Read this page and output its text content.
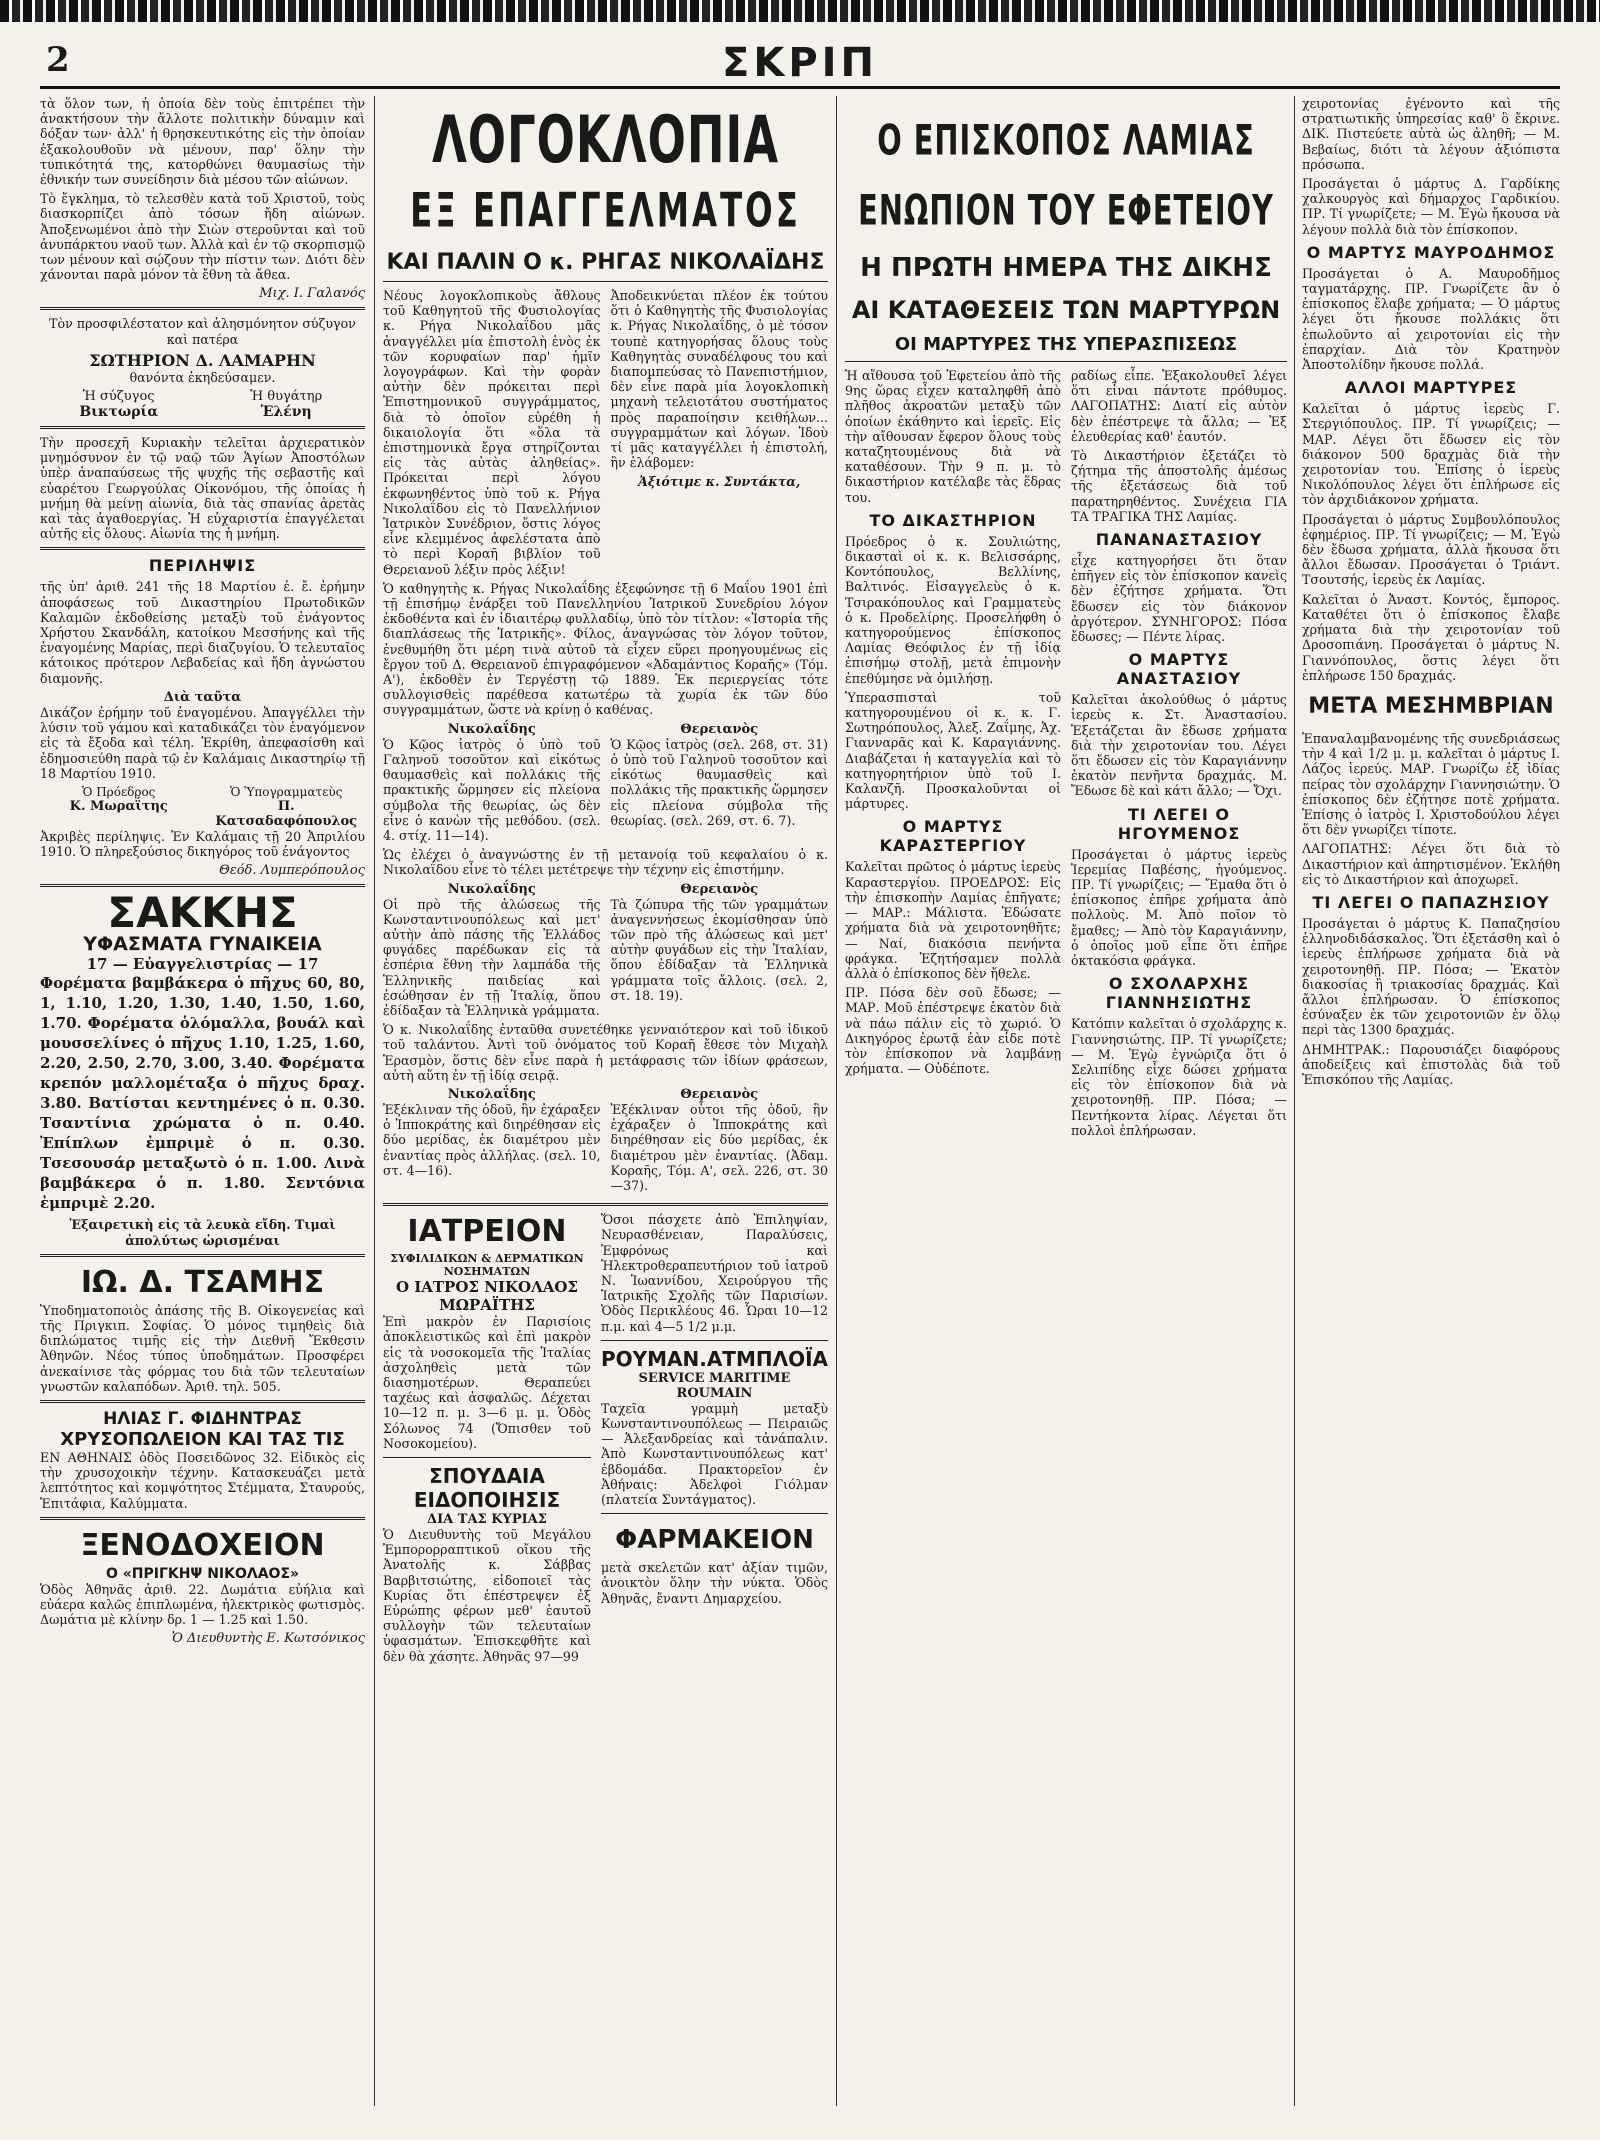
2	ΣΚΡΙΠ

τὰ ὅλον των, ἡ ὁποία δὲν τοὺς ἐπιτρέπει τὴν ἀνακτήσουν τὴν ἄλλοτε πολιτικὴν δύναμιν καὶ δόξαν των· ἀλλ' ἡ θρησκευτικότης εἰς τὴν ὁποίαν ἐξακολουθοῦν νὰ μένουν, παρ' ὅλην τὴν τυπικότητά της, κατορθώνει θαυμασίως τὴν ἐθνικήν των συνείδησιν διὰ μέσου τῶν αἰώνων.

Τὸ ἔγκλημα, τὸ τελεσθὲν κατὰ τοῦ Χριστοῦ, τοὺς διασκορπίζει ἀπὸ τόσων ἤδη αἰώνων. Ἀποξενωμένοι ἀπὸ τὴν Σιὼν στεροῦνται καὶ τοῦ ἀνυπάρκτου ναοῦ των. Ἀλλὰ καὶ ἐν τῷ σκορπισμῷ των μένουν καὶ σῴζουν τὴν πίστιν των. Διότι δὲν χάνονται παρὰ μόνον τὰ ἔθνη τὰ ἄθεα.

Μιχ. Ι. Γαλανός

Τὸν προσφιλέστατον καὶ ἀλησμόνητον σύζυγον καὶ πατέρα

ΣΩΤΗΡΙΟΝ Δ. ΛΑΜΑΡΗΝ

θανόντα ἐκηδεύσαμεν.

Ἡ σύζυγος
Βικτωρία
Ἡ θυγάτηρ
Ἑλένη

Τὴν προσεχῆ Κυριακὴν τελεῖται ἀρχιερατικὸν μνημόσυνον ἐν τῷ ναῷ τῶν Ἁγίων Ἀποστόλων ὑπὲρ ἀναπαύσεως τῆς ψυχῆς τῆς σεβαστῆς καὶ εὐαρέτου Γεωργούλας Οἰκονόμου, τῆς ὁποίας ἡ μνήμη θὰ μείνῃ αἰωνία, διὰ τὰς σπανίας ἀρετὰς καὶ τὰς ἀγαθοεργίας. Ἡ εὐχαριστία ἐπαγγέλεται αὐτῆς εἰς ὅλους. Αἰωνία της ἡ μνήμη.

ΠΕΡΙΛΗΨΙΣ

τῆς ὑπ' ἀριθ. 241 τῆς 18 Μαρτίου ἐ. ἔ. ἐρήμην ἀποφάσεως τοῦ Δικαστηρίου Πρωτοδικῶν Καλαμῶν ἐκδοθείσης μεταξὺ τοῦ ἐνάγοντος Χρήστου Σκανδάλη, κατοίκου Μεσσήνης καὶ τῆς ἐναγομένης Μαρίας, περὶ διαζυγίου. Ὁ τελευταῖος κάτοικος πρότερον Λεβαδείας καὶ ἤδη ἀγνώστου διαμονῆς.

Διὰ ταῦτα

Δικάζον ἐρήμην τοῦ ἐναγομένου. Ἀπαγγέλλει τὴν λύσιν τοῦ γάμου καὶ καταδικάζει τὸν ἐναγόμενον εἰς τὰ ἔξοδα καὶ τέλη. Ἐκρίθη, ἀπεφασίσθη καὶ ἐδημοσιεύθη παρὰ τῷ ἐν Καλάμαις Δικαστηρίῳ τῇ 18 Μαρτίου 1910.

Ὁ Πρόεδρος
Κ. Μωραΐτης
Ὁ Ὑπογραμματεὺς
Π. Κατσαδαφόπουλος

Ἀκριβὲς περίληψις. Ἐν Καλάμαις τῇ 20 Ἀπριλίου 1910. Ὁ πληρεξούσιος δικηγόρος τοῦ ἐνάγοντος

Θεόδ. Λυμπερόπουλος
ΣΑΚΚΗΣ
ΥΦΑΣΜΑΤΑ ΓΥΝΑΙΚΕΙΑ
17 — Εὐαγγελιστρίας — 17

Φορέματα βαμβάκερα ὁ πῆχυς 60, 80, 1, 1.10, 1.20, 1.30, 1.40, 1.50, 1.60, 1.70. Φορέματα ὁλόμαλλα, βουάλ καὶ μουσσελίνες ὁ πῆχυς 1.10, 1.25, 1.60, 2.20, 2.50, 2.70, 3.00, 3.40. Φορέματα κρεπόν μαλλομέταξα ὁ πῆχυς δραχ. 3.80. Βατίσται κεντημένες ὁ π. 0.30. Τσαντίνια χρώματα ὁ π. 0.40. Ἐπίπλων ἐμπριμὲ ὁ π. 0.30. Τσεσουσάρ μεταξωτὸ ὁ π. 1.00. Λινὰ βαμβάκερα ὁ π. 1.80. Σεντόνια ἐμπριμὲ 2.20.

Ἐξαιρετικὴ εἰς τὰ λευκὰ εἴδη. Τιμαὶ ἀπολύτως ὡρισμέναι

ΙΩ. Δ. ΤΣΑΜΗΣ

Ὑποδηματοποιὸς ἀπάσης τῆς Β. Οἰκογενείας καὶ τῆς Πριγκιπ. Σοφίας. Ὁ μόνος τιμηθεὶς διὰ διπλώματος τιμῆς εἰς τὴν Διεθνῆ Ἔκθεσιν Ἀθηνῶν. Νέος τύπος ὑποδημάτων. Προσφέρει ἀνεκαίνισε τὰς φόρμας του διὰ τῶν τελευταίων γνωστῶν καλαπόδων. Ἀριθ. τηλ. 505.

ΗΛΙΑΣ Γ. ΦΙΔΗΝΤΡΑΣ
ΧΡΥΣΟΠΩΛΕΙΟΝ ΚΑΙ ΤΑΣ ΤΙΣ

ΕΝ ΑΘΗΝΑΙΣ ὁδὸς Ποσειδῶνος 32. Εἰδικὸς εἰς τὴν χρυσοχοικὴν τέχνην. Κατασκευάζει μετὰ λεπτότητος καὶ κομψότητος Στέμματα, Σταυρούς, Ἐπιτάφια, Καλύμματα.

ΞΕΝΟΔΟΧΕΙΟΝ
Ο «ΠΡΙΓΚΗΨ ΝΙΚΟΛΑΟΣ»

Ὁδὸς Ἀθηνᾶς ἀριθ. 22. Δωμάτια εὐήλια καὶ εὐάερα καλῶς ἐπιπλωμένα, ἠλεκτρικὸς φωτισμὸς. Δωμάτια μὲ κλίνην δρ. 1 — 1.25 καὶ 1.50.

Ὁ Διευθυντὴς Ε. Κωτσόνικος
ΛΟΓΟΚΛΟΠΙΑ
ΕΞ ΕΠΑΓΓΕΛΜΑΤΟΣ
ΚΑΙ ΠΑΛΙΝ Ο κ. ΡΗΓΑΣ ΝΙΚΟΛΑΪΔΗΣ

Νέους λογοκλοπικοὺς ἄθλους τοῦ Καθηγητοῦ τῆς Φυσιολογίας κ. Ρήγα Νικολαΐδου μᾶς ἀναγγέλλει μία ἐπιστολὴ ἑνὸς ἐκ τῶν κορυφαίων παρ' ἡμῖν λογογράφων. Καὶ τὴν φορὰν αὐτὴν δὲν πρόκειται περὶ Ἐπιστημονικοῦ συγγράμματος, διὰ τὸ ὁποῖον εὑρέθη ἡ δικαιολογία ὅτι «ὅλα τὰ ἐπιστημονικὰ ἔργα στηρίζονται εἰς τὰς αὐτὰς ἀληθείας». Πρόκειται περὶ λόγου ἐκφωνηθέντος ὑπὸ τοῦ κ. Ρήγα Νικολαΐδου εἰς τὸ Πανελλήνιον Ἰατρικὸν Συνέδριον, ὅστις λόγος εἶνε κλεμμένος ἀφελέστατα ἀπὸ τὸ περὶ Κοραῆ βιβλίον τοῦ Θερειανοῦ λέξιν πρὸς λέξιν!

Ἀποδεικνύεται πλέον ἐκ τούτου ὅτι ὁ Καθηγητὴς τῆς Φυσιολογίας κ. Ρήγας Νικολαΐδης, ὁ μὲ τόσον τουπὲ κατηγορήσας ὅλους τοὺς Καθηγητὰς συναδέλφους του καὶ διαπομπεύσας τὸ Πανεπιστήμιον, δὲν εἶνε παρὰ μία λογοκλοπικὴ μηχανὴ τελειοτάτου συστήματος πρὸς παραποίησιν κειθήλων... συγγραμμάτων καὶ λόγων. Ἰδοὺ τί μᾶς καταγγέλλει ἡ ἐπιστολή, ἢν ἐλάβομεν:

Ἀξιότιμε κ. Συντάκτα,

Ὁ καθηγητὴς κ. Ρήγας Νικολαΐδης ἐξεφώνησε τῇ 6 Μαΐου 1901 ἐπὶ τῇ ἐπισήμῳ ἐνάρξει τοῦ Πανελληνίου Ἰατρικοῦ Συνεδρίου λόγον ἐκδοθέντα καὶ ἐν ἰδιαιτέρῳ φυλλαδίῳ, ὑπὸ τὸν τίτλον: «Ἱστορία τῆς διαπλάσεως τῆς Ἰατρικῆς». Φίλος, ἀναγνώσας τὸν λόγον τοῦτον, ἐνεθυμήθη ὅτι μέρη τινὰ αὐτοῦ τὰ εἶχεν εὕρει προηγουμένως εἰς ἔργον τοῦ Δ. Θερειανοῦ ἐπιγραφόμενον «Ἀδαμάντιος Κοραῆς» (Τόμ. Α'), ἐκδοθὲν ἐν Τεργέστῃ τῷ 1889. Ἐκ περιεργείας τότε συλλογισθεὶς παρέθεσα κατωτέρω τὰ χωρία ἐκ τῶν δύο συγγραμμάτων, ὥστε νὰ κρίνῃ ὁ καθένας.

Νικολαΐδης

Ὁ Κῷος ἰατρὸς ὁ ὑπὸ τοῦ Γαληνοῦ τοσοῦτον καὶ εἰκότως θαυμασθεὶς καὶ πολλάκις τῆς πρακτικῆς ὥρμησεν εἰς πλείονα σύμβολα τῆς θεωρίας, ὡς δὲν εἶνε ὁ κανὼν τῆς μεθόδου. (σελ. 4. στίχ. 11—14).

Θερειανὸς

Ὁ Κῷος ἰατρὸς (σελ. 268, στ. 31) ὁ ὑπὸ τοῦ Γαληνοῦ τοσοῦτον καὶ εἰκότως θαυμασθεὶς καὶ πολλάκις τῆς πρακτικῆς ὥρμησεν εἰς πλείονα σύμβολα τῆς θεωρίας. (σελ. 269, στ. 6. 7).

Ὡς ἐλέχει ὁ ἀναγνώστης ἐν τῇ μετανοίᾳ τοῦ κεφαλαίου ὁ κ. Νικολαΐδου εἶνε τὸ τέλει μετέτρεψε τὴν τέχνην εἰς ἐπιστήμην.

Νικολαΐδης

Οἱ πρὸ τῆς ἁλώσεως τῆς Κωνσταντινουπόλεως καὶ μετ' αὐτὴν ἀπὸ πάσης τῆς Ἑλλάδος φυγάδες παρέδωκαν εἰς τὰ ἑσπέρια ἔθνη τὴν λαμπάδα τῆς Ἑλληνικῆς παιδείας καὶ ἐσώθησαν ἐν τῇ Ἰταλίᾳ, ὅπου ἐδίδαξαν τὰ Ἑλληνικὰ γράμματα.

Θερειανὸς

Τὰ ζώπυρα τῆς τῶν γραμμάτων ἀναγεννήσεως ἐκομίσθησαν ὑπὸ τῶν πρὸ τῆς ἁλώσεως καὶ μετ' αὐτὴν φυγάδων εἰς τὴν Ἰταλίαν, ὅπου ἐδίδαξαν τὰ Ἑλληνικὰ γράμματα τοῖς ἄλλοις. (σελ. 2, στ. 18. 19).

Ὁ κ. Νικολαΐδης ἐνταῦθα συνετέθηκε γενναιότερον καὶ τοῦ ἰδικοῦ τοῦ ταλάντου. Ἀντὶ τοῦ ὀνόματος τοῦ Κοραῆ ἔθεσε τὸν Μιχαὴλ Ἑρασμὸν, ὅστις δὲν εἶνε παρὰ ἡ μετάφρασις τῶν ἰδίων φράσεων, αὐτὴ αὕτη ἐν τῇ ἰδίᾳ σειρᾷ.

Νικολαΐδης

Ἐξέκλιναν τῆς ὁδοῦ, ἣν ἐχάραξεν ὁ Ἱπποκράτης καὶ διηρέθησαν εἰς δύο μερίδας, ἐκ διαμέτρου μὲν ἐναντίας πρὸς ἀλλήλας. (σελ. 10, στ. 4—16).

Θερειανὸς

Ἐξέκλιναν οὗτοι τῆς ὁδοῦ, ἣν ἐχάραξεν ὁ Ἱπποκράτης καὶ διηρέθησαν εἰς δύο μερίδας, ἐκ διαμέτρου μὲν ἐναντίας. (Ἀδαμ. Κοραῆς, Τόμ. Α', σελ. 226, στ. 30—37).

ΙΑΤΡΕΙΟΝ
ΣΥΦΙΛΙΔΙΚΩΝ & ΔΕΡΜΑΤΙΚΩΝ ΝΟΣΗΜΑΤΩΝ
Ο ΙΑΤΡΟΣ ΝΙΚΟΛΑΟΣ ΜΩΡΑΪΤΗΣ

Ἐπὶ μακρὸν ἐν Παρισίοις ἀποκλειστικῶς καὶ ἐπὶ μακρὸν εἰς τὰ νοσοκομεῖα τῆς Ἰταλίας ἀσχοληθεὶς μετὰ τῶν διασημοτέρων. Θεραπεύει ταχέως καὶ ἀσφαλῶς. Δέχεται 10—12 π. μ. 3—6 μ. μ. Ὁδὸς Σόλωνος 74 (Ὄπισθεν τοῦ Νοσοκομείου).

ΣΠΟΥΔΑΙΑ ΕΙΔΟΠΟΙΗΣΙΣ
ΔΙΑ ΤΑΣ ΚΥΡΙΑΣ

Ὁ Διευθυντὴς τοῦ Μεγάλου Ἐμπορορραπτικοῦ οἴκου τῆς Ἀνατολῆς κ. Σάββας Βαρβιτσιώτης, εἰδοποιεῖ τὰς Κυρίας ὅτι ἐπέστρεψεν ἐξ Εὐρώπης φέρων μεθ' ἑαυτοῦ συλλογὴν τῶν τελευταίων ὑφασμάτων. Ἐπισκεφθῆτε καὶ δὲν θὰ χάσητε. Ἀθηνᾶς 97—99

Ὅσοι πάσχετε ἀπὸ Ἐπιληψίαν, Νευρασθένειαν, Παραλύσεις, Ἐμφρόνως καὶ Ἠλεκτροθεραπευτήριον τοῦ ἰατροῦ Ν. Ἰωαννίδου, Χειρούργου τῆς Ἰατρικῆς Σχολῆς τῶν Παρισίων. Ὁδὸς Περικλέους 46. Ὧραι 10—12 π.μ. καὶ 4—5 1/2 μ.μ.

ΡΟΥΜΑΝ.ΑΤΜΠΛΟΪΑ
SERVICE MARITIME ROUMAIN

Ταχεῖα γραμμὴ μεταξὺ Κωνσταντινουπόλεως — Πειραιῶς — Ἀλεξανδρείας καὶ τἀνάπαλιν. Ἀπὸ Κωνσταντινουπόλεως κατ' ἑβδομάδα. Πρακτορεῖον ἐν Ἀθήναις: Ἀδελφοὶ Γιόλμαν (πλατεία Συντάγματος).

ΦΑΡΜΑΚΕΙΟΝ

μετὰ σκελετῶν κατ' ἀξίαν τιμῶν, ἀνοικτὸν ὅλην τὴν νύκτα. Ὁδὸς Ἀθηνᾶς, ἔναντι Δημαρχείου.

Ο ΕΠΙΣΚΟΠΟΣ ΛΑΜΙΑΣ
ΕΝΩΠΙΟΝ ΤΟΥ ΕΦΕΤΕΙΟΥ
Η ΠΡΩΤΗ ΗΜΕΡΑ ΤΗΣ ΔΙΚΗΣ
ΑΙ ΚΑΤΑΘΕΣΕΙΣ ΤΩΝ ΜΑΡΤΥΡΩΝ
ΟΙ ΜΑΡΤΥΡΕΣ ΤΗΣ ΥΠΕΡΑΣΠΙΣΕΩΣ

Ἡ αἴθουσα τοῦ Ἐφετείου ἀπὸ τῆς 9ης ὥρας εἶχεν καταληφθῆ ἀπὸ πλῆθος ἀκροατῶν μεταξὺ τῶν ὁποίων ἐκάθηντο καὶ ἱερεῖς. Εἰς τὴν αἴθουσαν ἔφερον ὅλους τοὺς καταζητουμένους διὰ νὰ καταθέσουν. Τὴν 9 π. μ. τὸ δικαστήριον κατέλαβε τὰς ἕδρας του.

ΤΟ ΔΙΚΑΣΤΗΡΙΟΝ

Πρόεδρος ὁ κ. Σουλιώτης, δικασταὶ οἱ κ. κ. Βελισσάρης, Κοντόπουλος, Βελλίνης, Βαλτινός. Εἰσαγγελεὺς ὁ κ. Τσιρακόπουλος καὶ Γραμματεὺς ὁ κ. Προδελίρης. Προσελήφθη ὁ κατηγορούμενος ἐπίσκοπος Λαμίας Θεόφιλος ἐν τῇ ἰδίᾳ ἐπισήμῳ στολῇ, μετὰ ἐπιμονὴν ἐπεθύμησε νὰ ὁμιλήσῃ.

Ὑπερασπισταὶ τοῦ κατηγορουμένου οἱ κ. κ. Γ. Σωτηρόπουλος, Ἀλεξ. Ζαΐμης, Ἀχ. Γιανναρᾶς καὶ Κ. Καραγιάννης. Διαβάζεται ἡ καταγγελία καὶ τὸ κατηγορητήριον ὑπὸ τοῦ Ι. Καλανζῆ. Προσκαλοῦνται οἱ μάρτυρες.

Ο ΜΑΡΤΥΣ ΚΑΡΑΣΤΕΡΓΙΟΥ

Καλεῖται πρῶτος ὁ μάρτυς ἱερεὺς Καραστεργίου. ΠΡΟΕΔΡΟΣ: Εἰς τὴν ἐπισκοπὴν Λαμίας ἐπῆγατε; — ΜΑΡ.: Μάλιστα. Ἐδώσατε χρήματα διὰ νὰ χειροτονηθῆτε; — Ναί, διακόσια πενήντα φράγκα. Ἐζητήσαμεν πολλὰ ἀλλὰ ὁ ἐπίσκοπος δὲν ἤθελε.

ΠΡ. Πόσα δὲν σοῦ ἔδωσε; — ΜΑΡ. Μοῦ ἐπέστρεψε ἑκατὸν διὰ νὰ πάω πάλιν εἰς τὸ χωριό. Ὁ Δικηγόρος ἐρωτᾷ ἐὰν εἶδε ποτὲ τὸν ἐπίσκοπον νὰ λαμβάνῃ χρήματα. — Οὐδέποτε.

ραδίως εἶπε. Ἐξακολουθεῖ λέγει ὅτι εἶναι πάντοτε πρόθυμος. ΛΑΓΟΠΑΤΗΣ: Διατί εἰς αὐτὸν δὲν ἐπέστρεψε τὰ ἄλλα; — Ἐξ ἐλευθερίας καθ' ἑαυτόν.

Τὸ Δικαστήριον ἐξετάζει τὸ ζήτημα τῆς ἀποστολῆς ἀμέσως τῆς ἐξετάσεως διὰ τοῦ παρατηρηθέντος. Συνέχεια ΓΙΑ ΤΑ ΤΡΑΓΙΚΑ ΤΗΣ Λαμίας.

ΠΑΝΑΝΑΣΤΑΣΙΟΥ

εἶχε κατηγορήσει ὅτι ὅταν ἐπῆγεν εἰς τὸν ἐπίσκοπον κανεὶς δὲν ἐζήτησε χρήματα. Ὅτι ἔδωσεν εἰς τὸν διάκονον ἀργότερον. ΣΥΝΗΓΟΡΟΣ: Πόσα ἔδωσες; — Πέντε λίρας.

Ο ΜΑΡΤΥΣ ΑΝΑΣΤΑΣΙΟΥ

Καλεῖται ἀκολούθως ὁ μάρτυς ἱερεὺς κ. Στ. Ἀναστασίου. Ἐξετάζεται ἂν ἔδωσε χρήματα διὰ τὴν χειροτονίαν του. Λέγει ὅτι ἔδωσεν εἰς τὸν Καραγιάννην ἑκατὸν πενῆντα δραχμάς. Μ. Ἔδωσε δὲ καὶ κάτι ἄλλο; — Ὄχι.

ΤΙ ΛΕΓΕΙ Ο ΗΓΟΥΜΕΝΟΣ

Προσάγεται ὁ μάρτυς ἱερεὺς Ἱερεμίας Παβέσης, ἡγούμενος. ΠΡ. Τί γνωρίζεις; — Ἔμαθα ὅτι ὁ ἐπίσκοπος ἐπῆρε χρήματα ἀπὸ πολλοὺς. Μ. Ἀπὸ ποῖον τὸ ἔμαθες; — Ἀπὸ τὸν Καραγιάννην, ὁ ὁποῖος μοῦ εἶπε ὅτι ἐπῆρε ὀκτακόσια φράγκα.

Ο ΣΧΟΛΑΡΧΗΣ ΓΙΑΝΝΗΣΙΩΤΗΣ

Κατόπιν καλεῖται ὁ σχολάρχης κ. Γιαννησιώτης. ΠΡ. Τί γνωρίζετε; — Μ. Ἐγὼ ἐγνώριζα ὅτι ὁ Σελιπίδης εἶχε δώσει χρήματα εἰς τὸν ἐπίσκοπον διὰ νὰ χειροτονηθῇ. ΠΡ. Πόσα; — Πεντήκοντα λίρας. Λέγεται ὅτι πολλοὶ ἐπλήρωσαν.

χειροτονίας ἐγένοντο καὶ τῆς στρατιωτικῆς ὑπηρεσίας καθ' ὃ ἔκρινε. ΔΙΚ. Πιστεύετε αὐτὰ ὡς ἀληθῆ; — Μ. Βεβαίως, διότι τὰ λέγουν ἀξιόπιστα πρόσωπα.

Προσάγεται ὁ μάρτυς Δ. Γαρδίκης χαλκουργὸς καὶ δήμαρχος Γαρδικίου. ΠΡ. Τί γνωρίζετε; — Μ. Ἐγὼ ἤκουσα νὰ λέγουν πολλὰ διὰ τὸν ἐπίσκοπον.

Ο ΜΑΡΤΥΣ ΜΑΥΡΟΔΗΜΟΣ

Προσάγεται ὁ Α. Μαυροδῆμος ταγματάρχης. ΠΡ. Γνωρίζετε ἂν ὁ ἐπίσκοπος ἔλαβε χρήματα; — Ὁ μάρτυς λέγει ὅτι ἤκουσε πολλάκις ὅτι ἐπωλοῦντο αἱ χειροτονίαι εἰς τὴν ἐπαρχίαν. Διὰ τὸν Κρατηνὸν Ἀποστολίδην ἤκουσε πολλά.

ΑΛΛΟΙ ΜΑΡΤΥΡΕΣ

Καλεῖται ὁ μάρτυς ἱερεὺς Γ. Στεργιόπουλος. ΠΡ. Τί γνωρίζεις; — ΜΑΡ. Λέγει ὅτι ἔδωσεν εἰς τὸν διάκονον 500 δραχμὰς διὰ τὴν χειροτονίαν του. Ἐπίσης ὁ ἱερεὺς Νικολόπουλος λέγει ὅτι ἐπλήρωσε εἰς τὸν ἀρχιδιάκονον χρήματα.

Προσάγεται ὁ μάρτυς Συμβουλόπουλος ἐφημέριος. ΠΡ. Τί γνωρίζεις; — Μ. Ἐγὼ δὲν ἔδωσα χρήματα, ἀλλὰ ἤκουσα ὅτι ἄλλοι ἔδωσαν. Προσάγεται ὁ Τριάντ. Τσουτσής, ἱερεὺς ἐκ Λαμίας.

Καλεῖται ὁ Ἀναστ. Κοντός, ἔμπορος. Καταθέτει ὅτι ὁ ἐπίσκοπος ἔλαβε χρήματα διὰ τὴν χειροτονίαν τοῦ Δροσοπιάνη. Προσάγεται ὁ μάρτυς Ν. Γιαννόπουλος, ὅστις λέγει ὅτι ἐπλήρωσε 150 δραχμάς.

ΜΕΤΑ ΜΕΣΗΜΒΡΙΑΝ

Ἐπαναλαμβανομένης τῆς συνεδριάσεως τὴν 4 καὶ 1/2 μ. μ. καλεῖται ὁ μάρτυς Ι. Λάζος ἱερεύς. ΜΑΡ. Γνωρίζω ἐξ ἰδίας πείρας τὸν σχολάρχην Γιαννησιώτην. Ὁ ἐπίσκοπος δὲν ἐζήτησε ποτὲ χρήματα. Ἐπίσης ὁ ἰατρὸς Ι. Χριστοδούλου λέγει ὅτι δὲν γνωρίζει τίποτε.

ΛΑΓΟΠΑΤΗΣ: Λέγει ὅτι διὰ τὸ Δικαστήριον καὶ ἀπηρτισμένον. Ἐκλήθη εἰς τὸ Δικαστήριον καὶ ἀποχωρεῖ.

ΤΙ ΛΕΓΕΙ Ο ΠΑΠΑΖΗΣΙΟΥ

Προσάγεται ὁ μάρτυς Κ. Παπαζησίου ἐλληνοδιδάσκαλος. Ὅτι ἐξετάσθη καὶ ὁ ἱερεὺς ἐπλήρωσε χρήματα διὰ νὰ χειροτονηθῇ. ΠΡ. Πόσα; — Ἐκατὸν διακοσίας ἢ τριακοσίας δραχμάς. Καὶ ἄλλοι ἐπλήρωσαν. Ὁ ἐπίσκοπος ἐσύναξεν ἐκ τῶν χειροτονιῶν ἐν ὅλῳ περὶ τὰς 1300 δραχμάς.

ΔΗΜΗΤΡΑΚ.: Παρουσιάζει διαφόρους ἀποδείξεις καὶ ἐπιστολὰς διὰ τοῦ Ἐπισκόπου τῆς Λαμίας.
